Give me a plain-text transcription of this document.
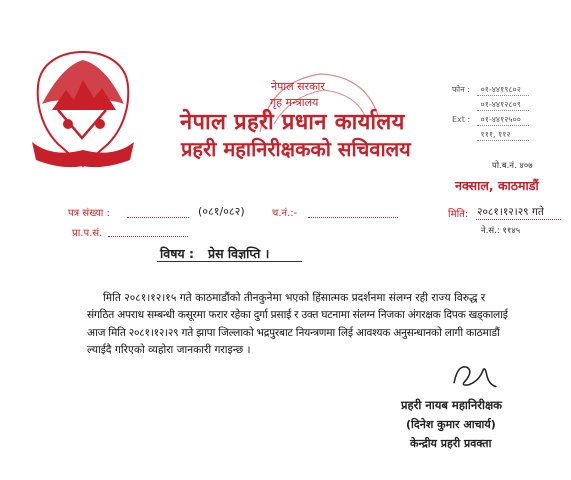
नेपाल सरकार
गृह मन्त्रालय
नेपाल प्रहरी प्रधान कार्यालय
प्रहरी महानिरीक्षकको सचिवालय
फोन : ०१-४४१९८०२
०१-४४१२८०९
Ext : ०१-४४१२५००
१११, ११२
पो.ब.नं. ४०७
नक्साल, काठमाडौं
पत्र संख्या :	(०८१/०८२)	च.नं.:-	मिति: २०८१।१२।२९ गते
प्रा.प.सं.	ने.सं.: ११४५
विषय : प्रेस विज्ञप्ति ।

मिति २०८१।१२।१५ गते काठमाडौंको तीनकुनेमा भएको हिंसात्मक प्रदर्शनमा संलग्न रही राज्य विरुद्ध र

संगठित अपराध सम्बन्धी कसूरमा फरार रहेका दुर्गा प्रसाई र उक्त घटनामा संलग्न निजका अंगरक्षक दिपक खड्कालाई

आज मिति २०८१।१२।२९ गते झापा जिल्लाको भद्रपुरबाट नियन्त्रणमा लिई आवश्यक अनुसन्धानको लागी काठमाडौं

ल्याईदै गरिएको व्यहोरा जानकारी गराइन्छ ।

प्रहरी नायब महानिरीक्षक
(दिनेश कुमार आचार्य)
केन्द्रीय प्रहरी प्रवक्ता
